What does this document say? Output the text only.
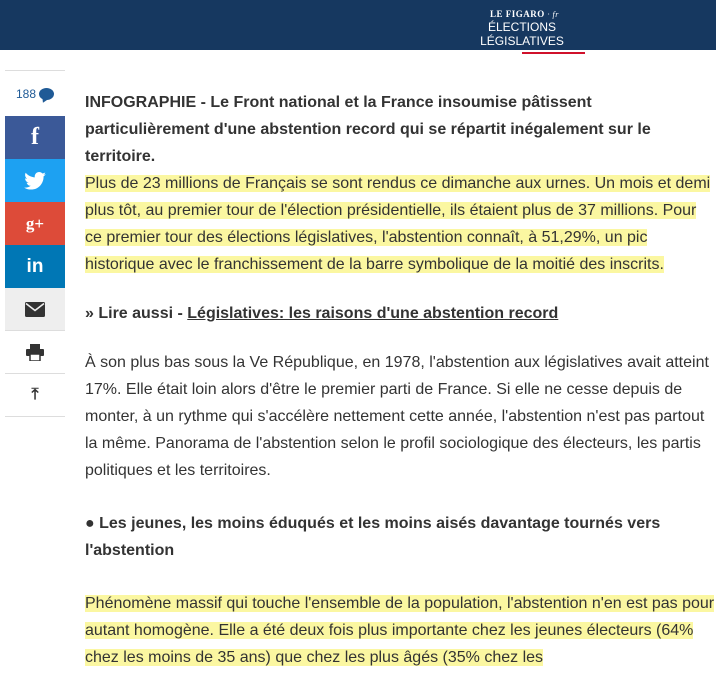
LE FIGARO · fr
ÉLECTIONS LÉGISLATIVES
188
f
g+
in
⤒

INFOGRAPHIE - Le Front national et la France insoumise pâtissent particulièrement d'une abstention record qui se répartit inégalement sur le territoire.

Plus de 23 millions de Français se sont rendus ce dimanche aux urnes. Un mois et demi plus tôt, au premier tour de l'élection présidentielle, ils étaient plus de 37 millions. Pour ce premier tour des élections législatives, l'abstention connaît, à 51,29%, un pic historique avec le franchissement de la barre symbolique de la moitié des inscrits.

» Lire aussi - Législatives: les raisons d'une abstention record

À son plus bas sous la Ve République, en 1978, l'abstention aux législatives avait atteint 17%. Elle était loin alors d'être le premier parti de France. Si elle ne cesse depuis de monter, à un rythme qui s'accélère nettement cette année, l'abstention n'est pas partout la même. Panorama de l'abstention selon le profil sociologique des électeurs, les partis politiques et les territoires.

● Les jeunes, les moins éduqués et les moins aisés davantage tournés vers l'abstention

Phénomène massif qui touche l'ensemble de la population, l'abstention n'en est pas pour autant homogène. Elle a été deux fois plus importante chez les jeunes électeurs (64% chez les moins de 35 ans) que chez les plus âgés (35% chez les
